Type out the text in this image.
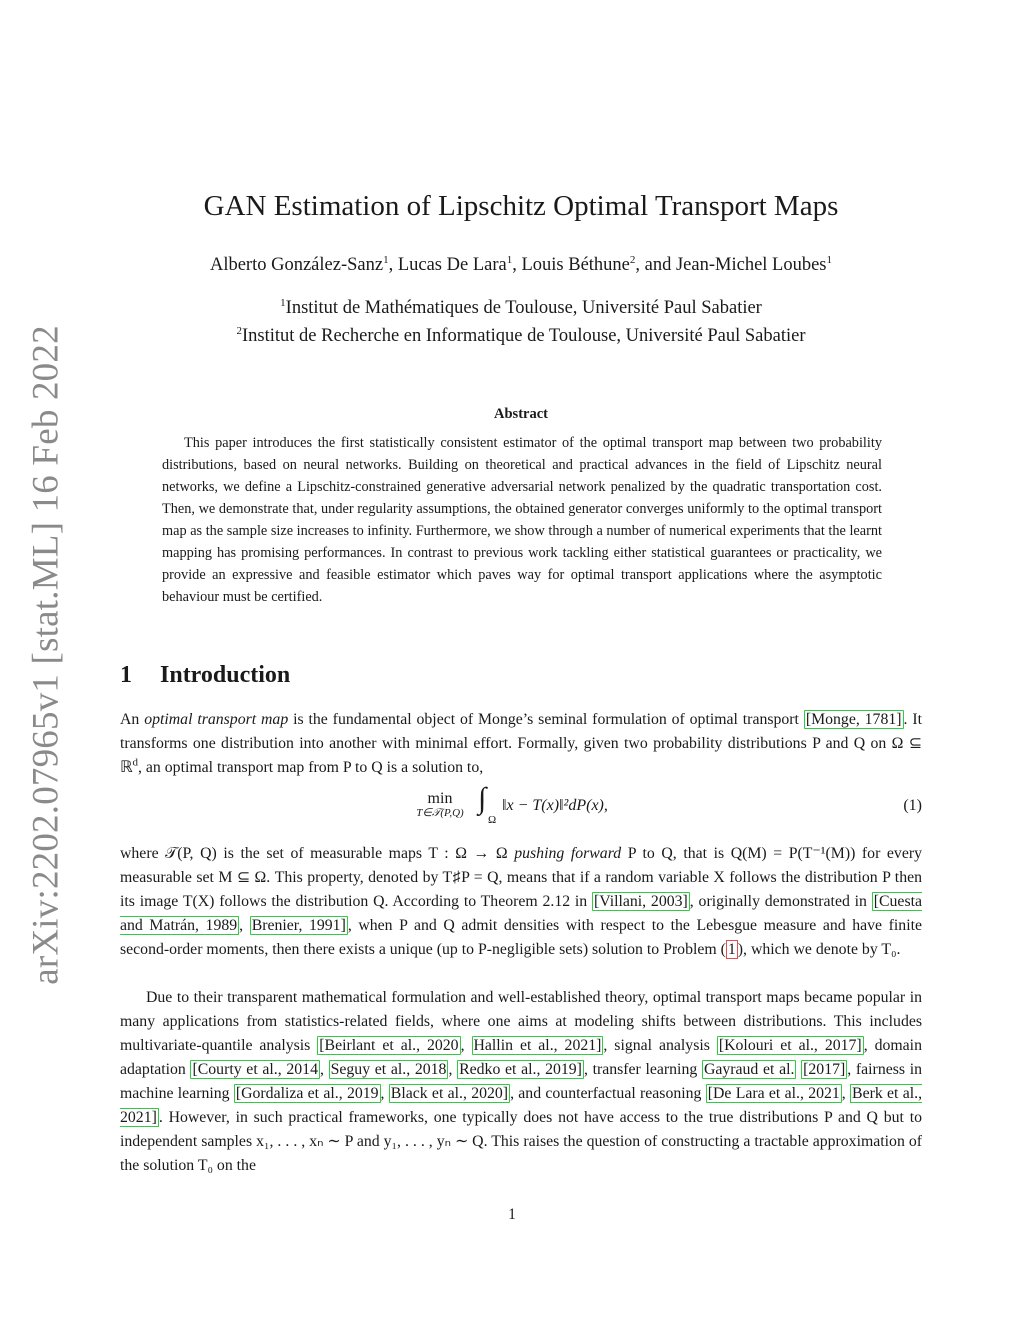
arXiv:2202.07965v1 [stat.ML] 16 Feb 2022
GAN Estimation of Lipschitz Optimal Transport Maps
Alberto González-Sanz$^1$, Lucas De Lara$^1$, Louis Béthune$^2$, and Jean-Michel Loubes$^1$
$^1$Institut de Mathématiques de Toulouse, Université Paul Sabatier
$^2$Institut de Recherche en Informatique de Toulouse, Université Paul Sabatier
Abstract

This paper introduces the first statistically consistent estimator of the optimal transport map between two probability distributions, based on neural networks. Building on theoretical and practical advances in the field of Lipschitz neural networks, we define a Lipschitz-constrained generative adversarial network penalized by the quadratic transportation cost. Then, we demonstrate that, under regularity assumptions, the obtained generator converges uniformly to the optimal transport map as the sample size increases to infinity. Furthermore, we show through a number of numerical experiments that the learnt mapping has promising performances. In contrast to previous work tackling either statistical guarantees or practicality, we provide an expressive and feasible estimator which paves way for optimal transport applications where the asymptotic behaviour must be certified.

1 Introduction

An optimal transport map is the fundamental object of Monge’s seminal formulation of optimal transport [Monge, 1781] . It transforms one distribution into another with minimal effort. Formally, given two probability distributions P and Q on Ω ⊆ ℝ$^d$, an optimal transport map from P to Q is a solution to,

min
T∈𝒯(P,Q) ∫
Ω
‖x − T(x)‖²dP(x),	(1)

where 𝒯(P, Q) is the set of measurable maps T : Ω → Ω pushing forward P to Q, that is Q(M) = P(T⁻¹(M)) for every measurable set M ⊆ Ω. This property, denoted by T♯P = Q, means that if a random variable X follows the distribution P then its image T(X) follows the distribution Q. According to Theorem 2.12 in [Villani, 2003] , originally demonstrated in [Cuesta and Matrán, 1989 , Brenier, 1991] , when P and Q admit densities with respect to the Lebesgue measure and have finite second-order moments, then there exists a unique (up to P-negligible sets) solution to Problem ( 1 ), which we denote by T₀.

Due to their transparent mathematical formulation and well-established theory, optimal transport maps became popular in many applications from statistics-related fields, where one aims at modeling shifts between distributions. This includes multivariate-quantile analysis [Beirlant et al., 2020 , Hallin et al., 2021] , signal analysis [Kolouri et al., 2017] , domain adaptation [Courty et al., 2014 , Seguy et al., 2018 , Redko et al., 2019] , transfer learning Gayraud et al. [2017] , fairness in machine learning [Gordaliza et al., 2019 , Black et al., 2020] , and counterfactual reasoning [De Lara et al., 2021 , Berk et al., 2021] . However, in such practical frameworks, one typically does not have access to the true distributions P and Q but to independent samples x₁, . . . , xₙ ∼ P and y₁, . . . , yₙ ∼ Q. This raises the question of constructing a tractable approximation of the solution T₀ on the

1
